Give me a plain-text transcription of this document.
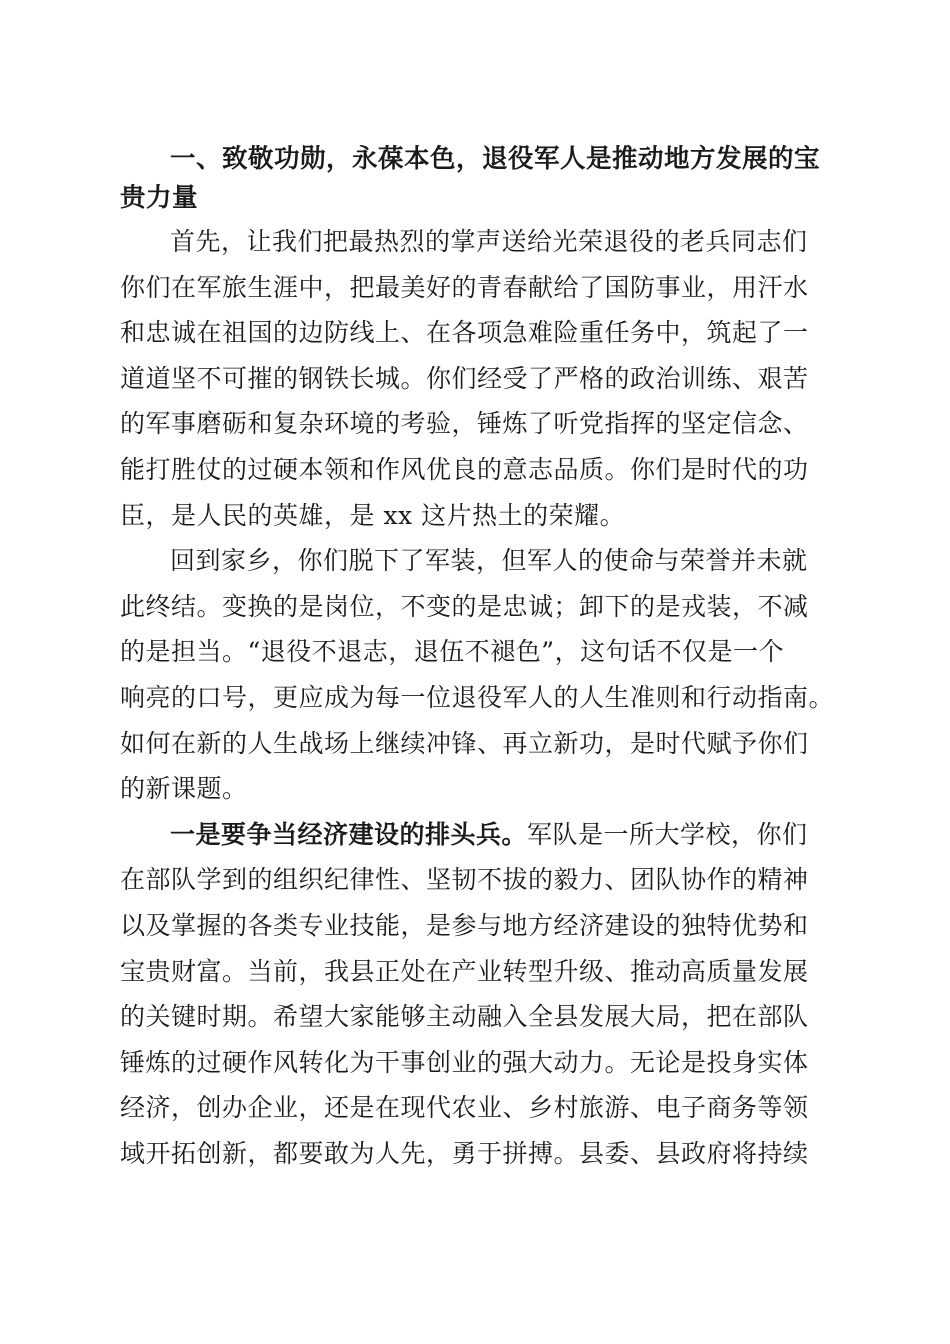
一、致敬功勋，永葆本色，退役军人是推动地方发展的宝
贵力量
首先，让我们把最热烈的掌声送给光荣退役的老兵同志们
你们在军旅生涯中，把最美好的青春献给了国防事业，用汗水
和忠诚在祖国的边防线上、在各项急难险重任务中，筑起了一
道道坚不可摧的钢铁长城。你们经受了严格的政治训练、艰苦
的军事磨砺和复杂环境的考验，锤炼了听党指挥的坚定信念、
能打胜仗的过硬本领和作风优良的意志品质。你们是时代的功
臣，是人民的英雄，是 xx 这片热土的荣耀。
回到家乡，你们脱下了军装，但军人的使命与荣誉并未就
此终结。变换的是岗位，不变的是忠诚；卸下的是戎装，不减
的是担当。“退役不退志，退伍不褪色”，这句话不仅是一个
响亮的口号，更应成为每一位退役军人的人生准则和行动指南。
如何在新的人生战场上继续冲锋、再立新功，是时代赋予你们
的新课题。
一是要争当经济建设的排头兵。军队是一所大学校，你们
在部队学到的组织纪律性、坚韧不拔的毅力、团队协作的精神
以及掌握的各类专业技能，是参与地方经济建设的独特优势和
宝贵财富。当前，我县正处在产业转型升级、推动高质量发展
的关键时期。希望大家能够主动融入全县发展大局，把在部队
锤炼的过硬作风转化为干事创业的强大动力。无论是投身实体
经济，创办企业，还是在现代农业、乡村旅游、电子商务等领
域开拓创新，都要敢为人先，勇于拼搏。县委、县政府将持续
